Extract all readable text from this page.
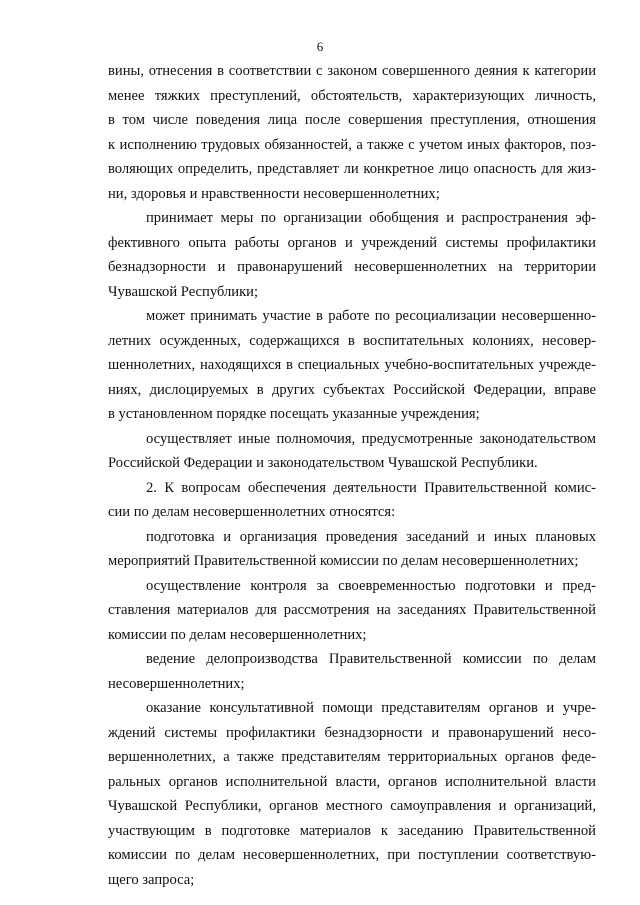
6

вины, отнесения в соответствии с законом совершенного деяния к категории
менее тяжких преступлений, обстоятельств, характеризующих личность,
в том числе поведения лица после совершения преступления, отношения
к исполнению трудовых обязанностей, а также с учетом иных факторов, поз-
воляющих определить, представляет ли конкретное лицо опасность для жиз-
ни, здоровья и нравственности несовершеннолетних;

принимает меры по организации обобщения и распространения эф-
фективного опыта работы органов и учреждений системы профилактики
безнадзорности и правонарушений несовершеннолетних на территории
Чувашской Республики;

может принимать участие в работе по ресоциализации несовершенно-
летних осужденных, содержащихся в воспитательных колониях, несовер-
шеннолетних, находящихся в специальных учебно-воспитательных учрежде-
ниях, дислоцируемых в других субъектах Российской Федерации, вправе
в установленном порядке посещать указанные учреждения;

осуществляет иные полномочия, предусмотренные законодательством
Российской Федерации и законодательством Чувашской Республики.

2. К вопросам обеспечения деятельности Правительственной комис-
сии по делам несовершеннолетних относятся:

подготовка и организация проведения заседаний и иных плановых
мероприятий Правительственной комиссии по делам несовершеннолетних;

осуществление контроля за своевременностью подготовки и пред-
ставления материалов для рассмотрения на заседаниях Правительственной
комиссии по делам несовершеннолетних;

ведение делопроизводства Правительственной комиссии по делам
несовершеннолетних;

оказание консультативной помощи представителям органов и учре-
ждений системы профилактики безнадзорности и правонарушений несо-
вершеннолетних, а также представителям территориальных органов феде-
ральных органов исполнительной власти, органов исполнительной власти
Чувашской Республики, органов местного самоуправления и организаций,
участвующим в подготовке материалов к заседанию Правительственной
комиссии по делам несовершеннолетних, при поступлении соответствую-
щего запроса;
